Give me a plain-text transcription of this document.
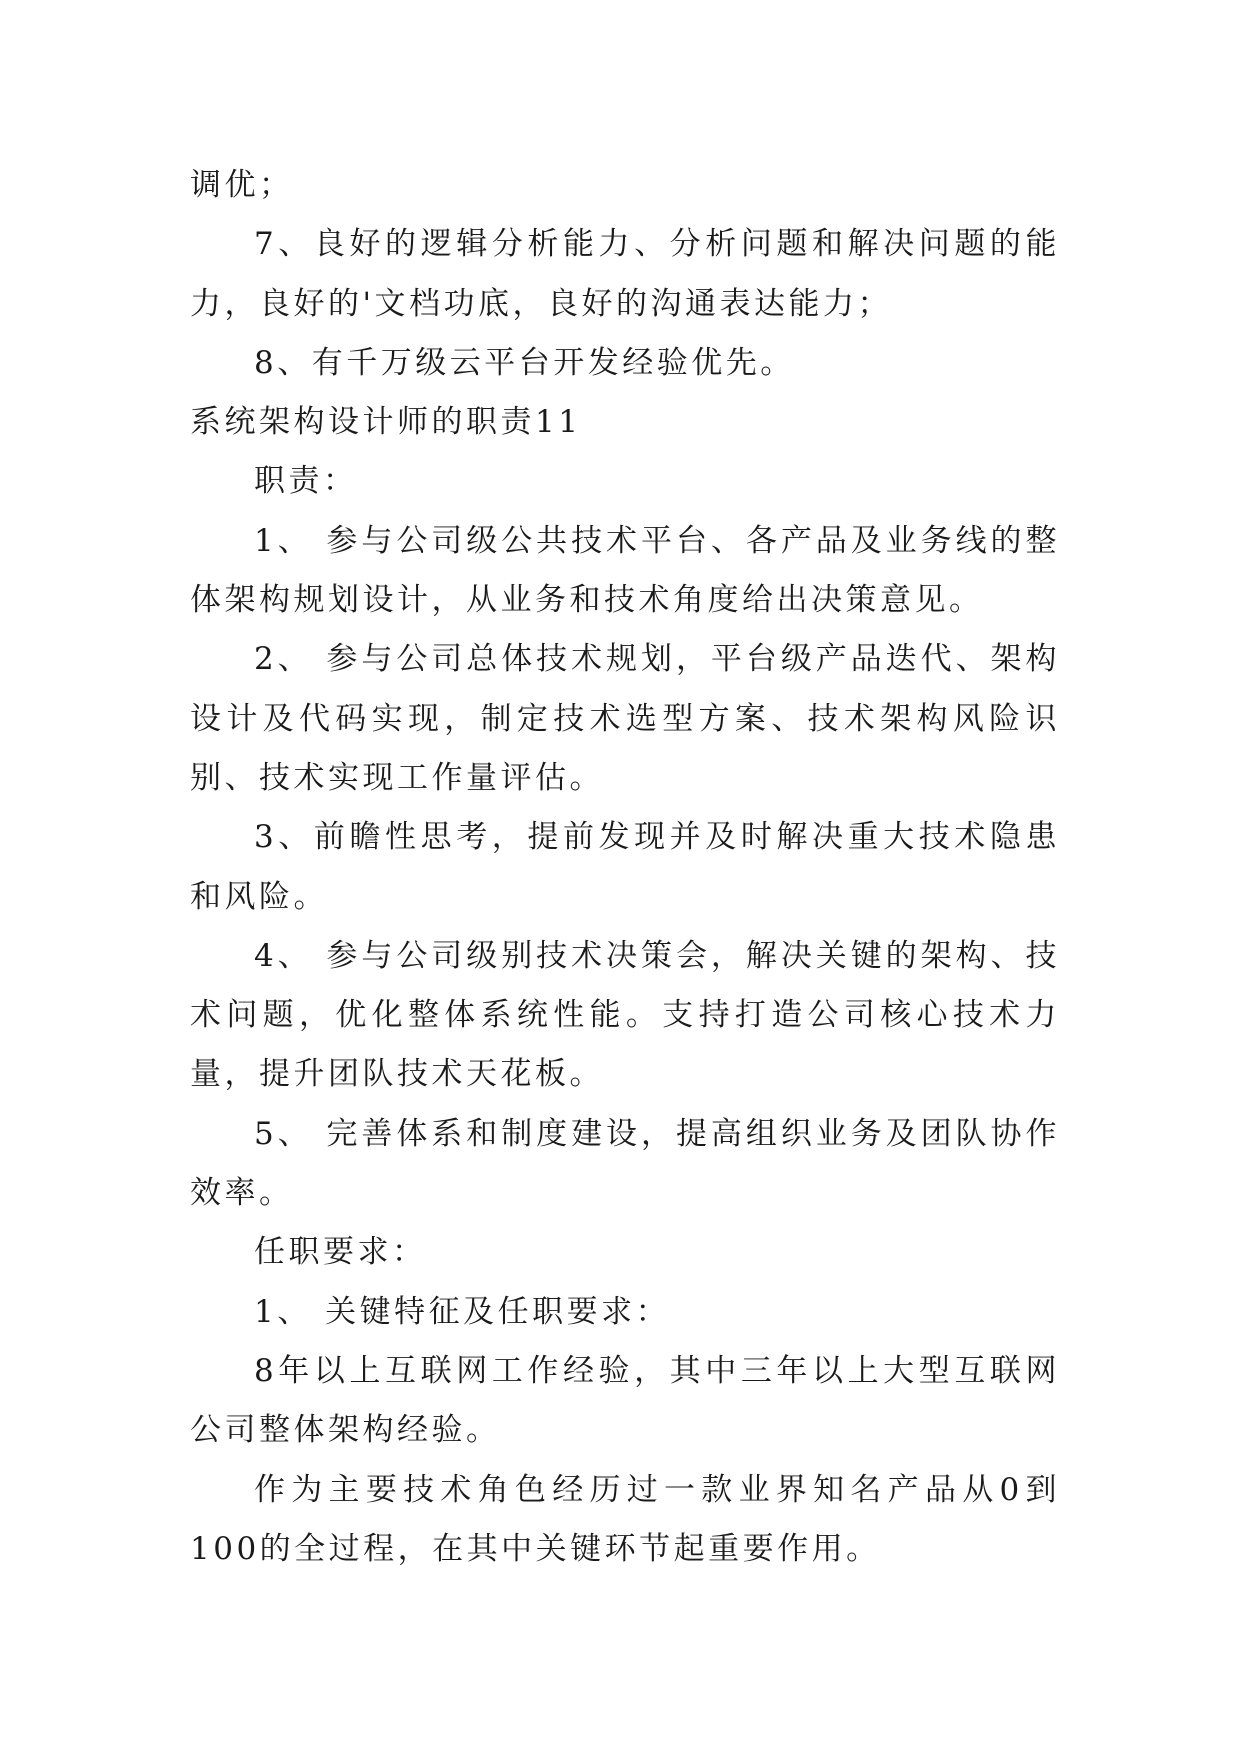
调优；

7、良好的逻辑分析能力、分析问题和解决问题的能力，良好的'文档功底，良好的沟通表达能力；

8、有千万级云平台开发经验优先。

系统架构设计师的职责11

职责：

1、 参与公司级公共技术平台、各产品及业务线的整体架构规划设计，从业务和技术角度给出决策意见。

2、 参与公司总体技术规划，平台级产品迭代、架构设计及代码实现，制定技术选型方案、技术架构风险识别、技术实现工作量评估。

3、前瞻性思考，提前发现并及时解决重大技术隐患和风险。

4、 参与公司级别技术决策会，解决关键的架构、技术问题，优化整体系统性能。支持打造公司核心技术力量，提升团队技术天花板。

5、 完善体系和制度建设，提高组织业务及团队协作效率。

任职要求：

1、 关键特征及任职要求：

8年以上互联网工作经验，其中三年以上大型互联网公司整体架构经验。

作为主要技术角色经历过一款业界知名产品从0到100的全过程，在其中关键环节起重要作用。
